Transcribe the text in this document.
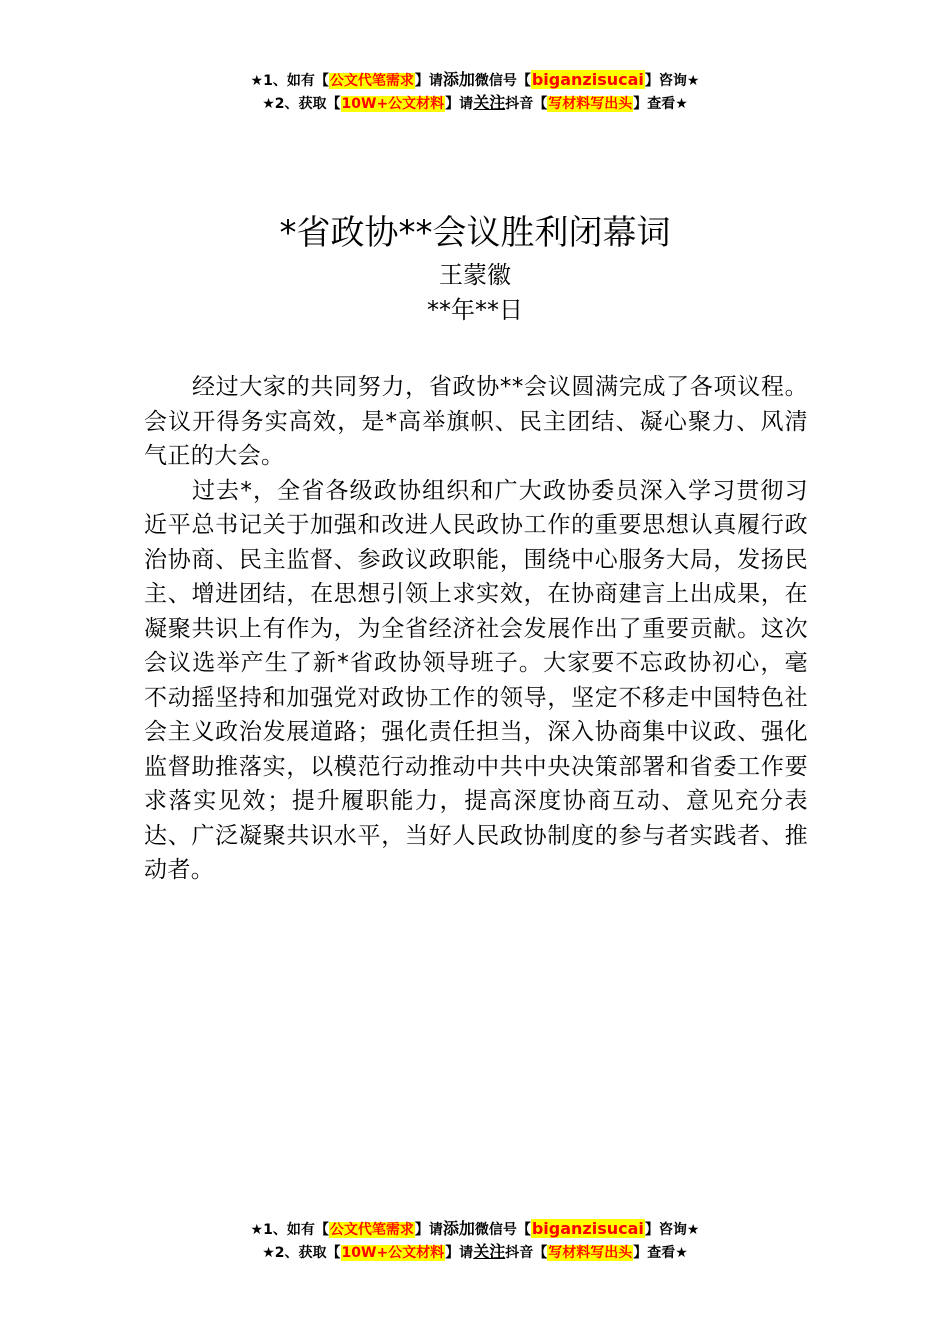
★1、如有【公文代笔需求】请添加微信号【biganzisucai】咨询★
★2、获取【10W+公文材料】请关注抖音【写材料写出头】查看★
*省政协**会议胜利闭幕词

王蒙徽

**年**日

经过大家的共同努力，省政协**会议圆满完成了各项议程。会议开得务实高效，是*高举旗帜、民主团结、凝心聚力、风清气正的大会。

过去*，全省各级政协组织和广大政协委员深入学习贯彻习近平总书记关于加强和改进人民政协工作的重要思想认真履行政治协商、民主监督、参政议政职能，围绕中心服务大局，发扬民主、增进团结，在思想引领上求实效，在协商建言上出成果，在凝聚共识上有作为，为全省经济社会发展作出了重要贡献。这次会议选举产生了新*省政协领导班子。大家要不忘政协初心，毫不动摇坚持和加强党对政协工作的领导，坚定不移走中国特色社会主义政治发展道路；强化责任担当，深入协商集中议政、强化监督助推落实，以模范行动推动中共中央决策部署和省委工作要求落实见效；提升履职能力，提高深度协商互动、意见充分表达、广泛凝聚共识水平，当好人民政协制度的参与者实践者、推动者。

★1、如有【公文代笔需求】请添加微信号【biganzisucai】咨询★
★2、获取【10W+公文材料】请关注抖音【写材料写出头】查看★
